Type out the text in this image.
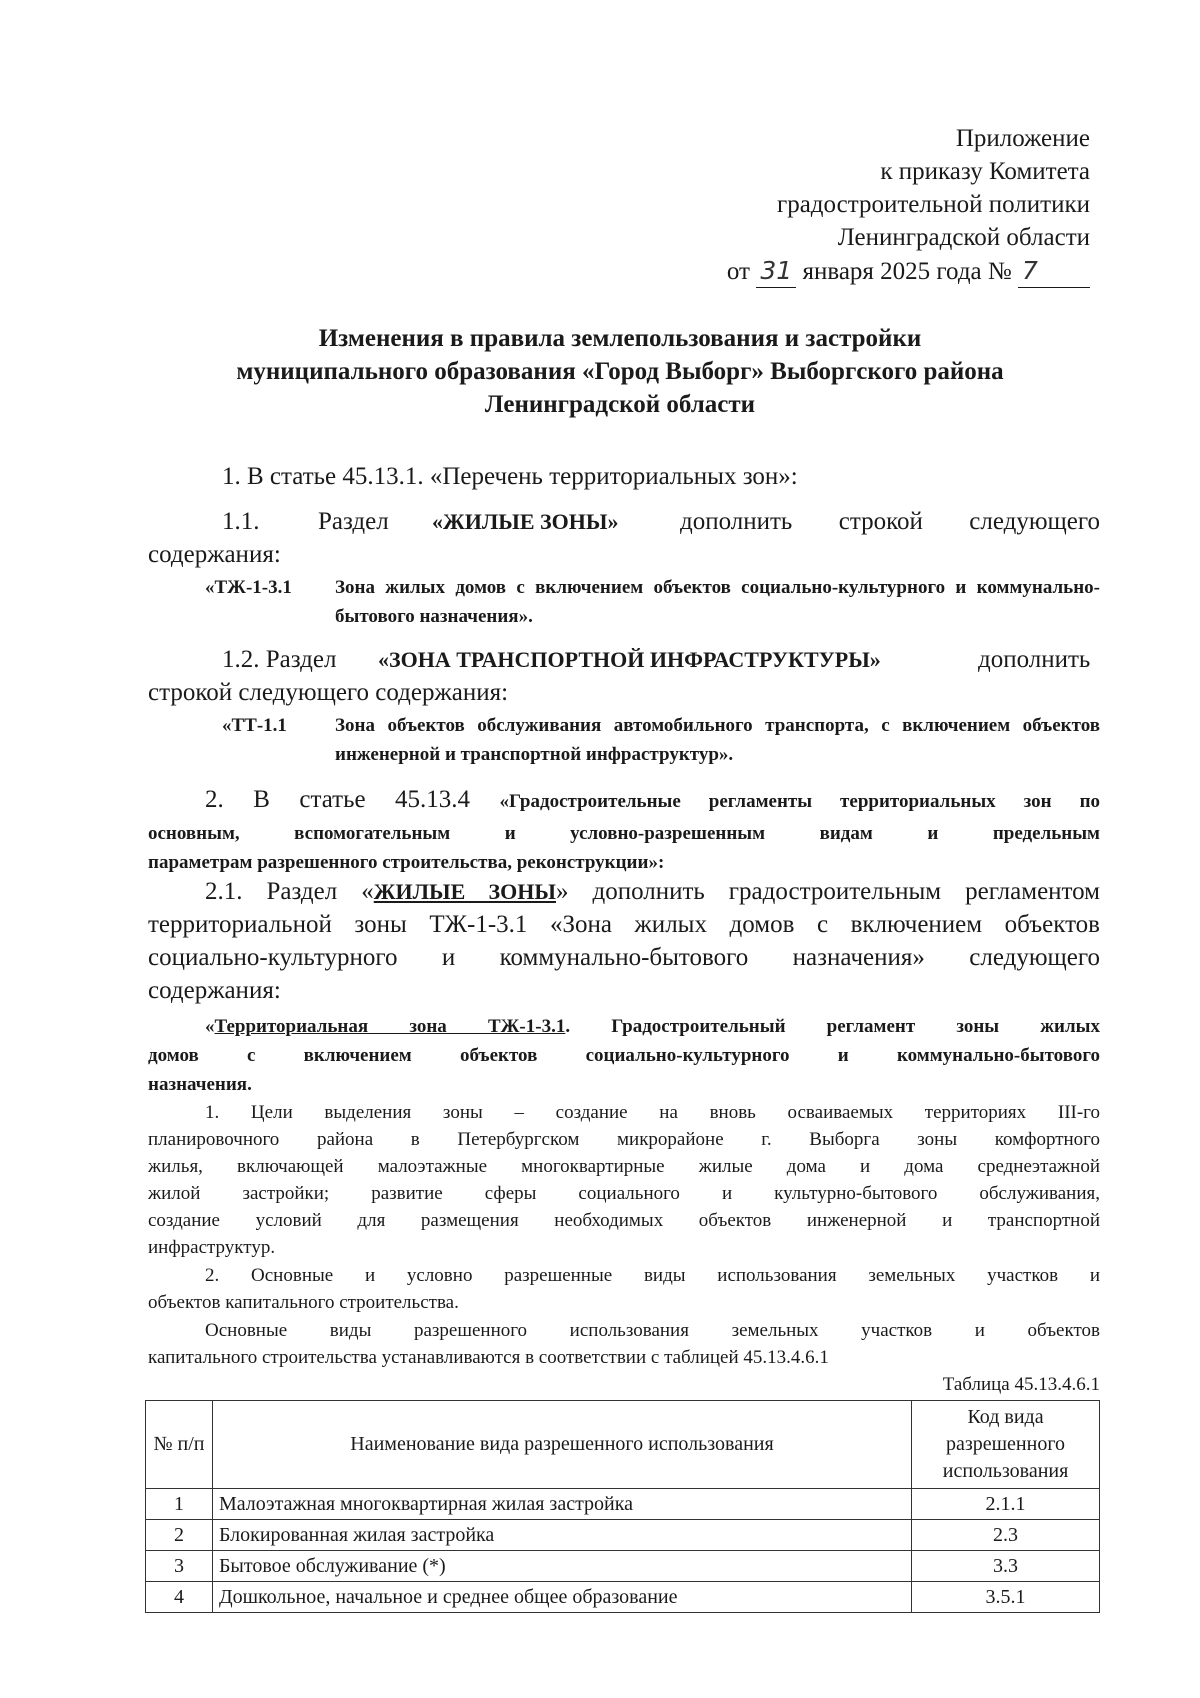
Приложение
к приказу Комитета
градостроительной политики
Ленинградской области
от 31 января 2025 года № 7
Изменения в правила землепользования и застройки
муниципального образования «Город Выборг» Выборгского района
Ленинградской области
1. В статье 45.13.1. «Перечень территориальных зон»:
1.1. Раздел «ЖИЛЫЕ ЗОНЫ» дополнить строкой следующего
содержания:
«ТЖ-1-3.1 Зона жилых домов с включением объектов социально-культурного и коммунально-бытового назначения».
1.2. Раздел «ЗОНА ТРАНСПОРТНОЙ ИНФРАСТРУКТУРЫ»	дополнить
строкой следующего содержания:
«ТТ-1.1	Зона объектов обслуживания автомобильного транспорта, с включением объектов инженерной и транспортной инфраструктур».
2. В статье 45.13.4 «Градостроительные регламенты территориальных зон по
основным, вспомогательным и условно-разрешенным видам и предельным
параметрам разрешенного строительства, реконструкции»:
2.1. Раздел «ЖИЛЫЕ ЗОНЫ» дополнить градостроительным регламентом
территориальной зоны ТЖ-1-3.1 «Зона жилых домов с включением объектов
социально-культурного и коммунально-бытового назначения» следующего
содержания:
«Территориальная зона ТЖ-1-3.1. Градостроительный регламент зоны жилых
домов с включением объектов социально-культурного и коммунально-бытового
назначения.
1. Цели выделения зоны – создание на вновь осваиваемых территориях III-го
планировочного района в Петербургском микрорайоне г. Выборга зоны комфортного
жилья, включающей малоэтажные многоквартирные жилые дома и дома среднеэтажной
жилой застройки; развитие сферы социального и культурно-бытового обслуживания,
создание условий для размещения необходимых объектов инженерной и транспортной
инфраструктур.
2. Основные и условно разрешенные виды использования земельных участков и
объектов капитального строительства.
Основные виды разрешенного использования земельных участков и объектов
капитального строительства устанавливаются в соответствии с таблицей 45.13.4.6.1
Таблица 45.13.4.6.1
№ п/п	Наименование вида разрешенного использования	Код вида разрешенного использования
1	Малоэтажная многоквартирная жилая застройка	2.1.1
2	Блокированная жилая застройка	2.3
3	Бытовое обслуживание (*)	3.3
4	Дошкольное, начальное и среднее общее образование	3.5.1
